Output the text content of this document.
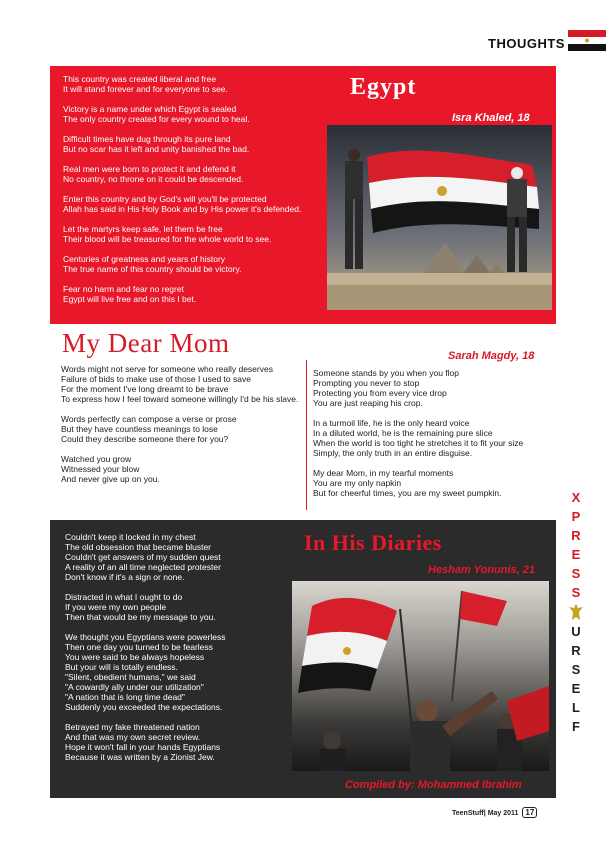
THOUGHTS
This country was created liberal and free
It will stand forever and for everyone to see.

Victory is a name under which Egypt is sealed
The only country created for every wound to heal.

Difficult times have dug through its pure land
But no scar has it left and unity banished the bad.

Real men were born to protect it and defend it
No country, no throne on it could be descended.

Enter this country and by God's will you'll be protected
Allah has said in His Holy Book and by His power it's defended.

Let the martyrs keep safe, let them be free
Their blood will be treasured for the whole world to see.

Centuries of greatness and years of history
The true name of this country should be victory.

Fear no harm and fear no regret
Egypt will live free and on this I bet.
Egypt
Isra Khaled, 18
My Dear Mom	Sarah Magdy, 18
Words might not serve for someone who really deserves
Failure of bids to make use of those I used to save
For the moment I've long dreamt to be brave
To express how I feel toward someone willingly I'd be his slave.

Words perfectly can compose a verse or prose
But they have countless meanings to lose
Could they describe someone there for you?

Watched you grow
Witnessed your blow
And never give up on you.
Someone stands by you when you flop
Prompting you never to stop
Protecting you from every vice drop
You are just reaping his crop.

In a turmoil life, he is the only heard voice
In a diluted world, he is the remaining pure slice
When the world is too tight he stretches it to fit your size
Simply, the only truth in an entire disguise.

My dear Mom, in my tearful moments
You are my only napkin
But for cheerful times, you are my sweet pumpkin.
Couldn't keep it locked in my chest
The old obsession that became bluster
Couldn't get answers of my sudden quest
A reality of an all time neglected protester
Don't know if it's a sign or none.

Distracted in what I ought to do
If you were my own people
Then that would be my message to you.

We thought you Egyptians were powerless
Then one day you turned to be fearless
You were said to be always hopeless
But your will is totally endless.
"Silent, obedient humans," we said
"A cowardly ally under our utilization"
"A nation that is long time dead"
Suddenly you exceeded the expectations.

Betrayed my fake threatened nation
And that was my own secret review.
Hope it won't fall in your hands Egyptians
Because it was written by a Zionist Jew.
In His Diaries
Hesham Yonunis, 21
Compiled by: Mohammed Ibrahim
X
P
R
E
S
S
U
R
S
E
L
F
TeenStuff| May 2011 17
